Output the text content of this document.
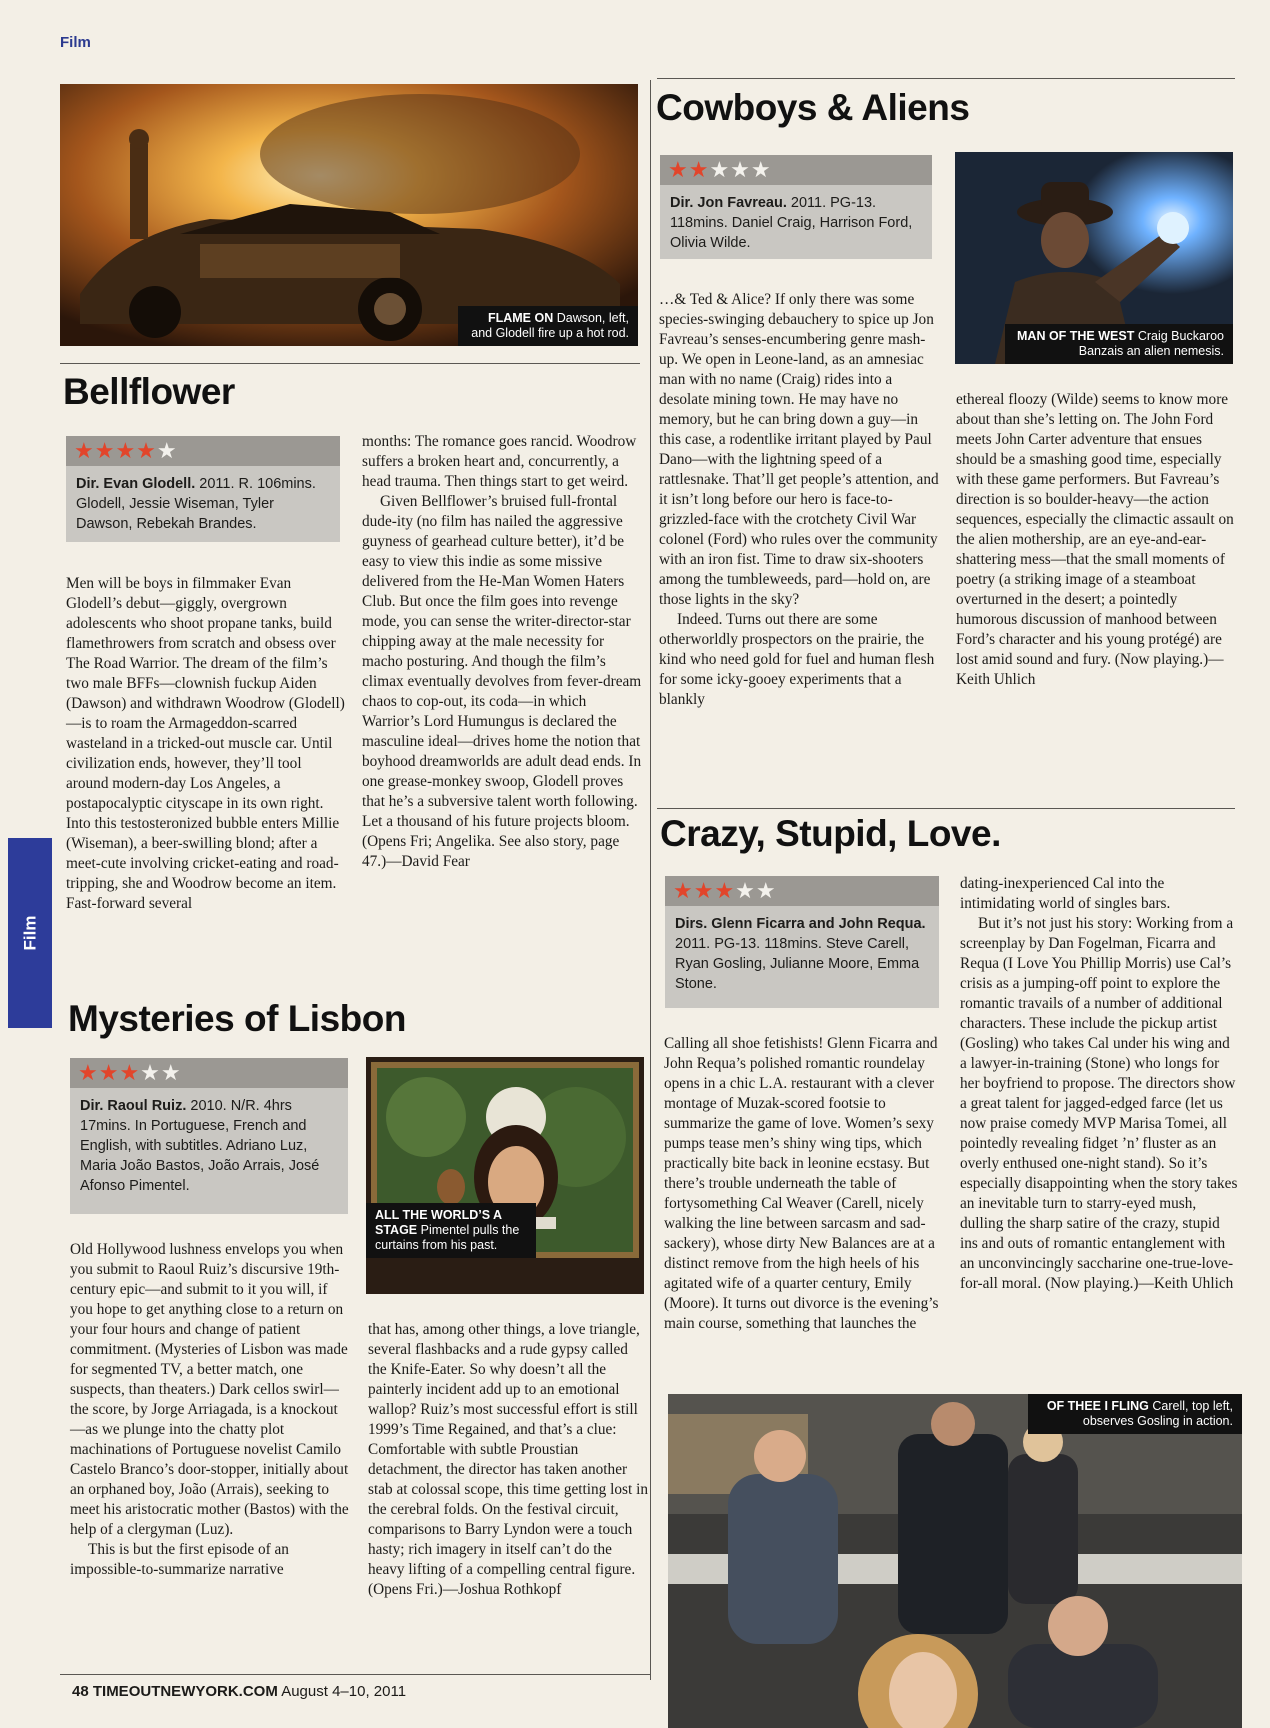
Film
Film
FLAME ON Dawson, left, and Glodell fire up a hot rod.
Bellflower
★★★★★
Dir. Evan Glodell. 2011. R. 106mins. Glodell, Jessie Wiseman, Tyler Dawson, Rebekah Brandes.

Men will be boys in filmmaker Evan Glodell’s debut—giggly, overgrown adolescents who shoot propane tanks, build flamethrowers from scratch and obsess over The Road Warrior. The dream of the film’s two male BFFs—clownish fuckup Aiden (Dawson) and withdrawn Woodrow (Glodell)—is to roam the Armageddon-scarred wasteland in a tricked-out muscle car. Until civilization ends, however, they’ll tool around modern-day Los Angeles, a postapocalyptic cityscape in its own right. Into this testosteronized bubble enters Millie (Wiseman), a beer-swilling blond; after a meet-cute involving cricket-eating and road-tripping, she and Woodrow become an item. Fast-forward several

months: The romance goes rancid. Woodrow suffers a broken heart and, concurrently, a head trauma. Then things start to get weird.

Given Bellflower’s bruised full-frontal dude-ity (no film has nailed the aggressive guyness of gearhead culture better), it’d be easy to view this indie as some missive delivered from the He-Man Women Haters Club. But once the film goes into revenge mode, you can sense the writer-director-star chipping away at the male necessity for macho posturing. And though the film’s climax eventually devolves from fever-dream chaos to cop-out, its coda—in which Warrior’s Lord Humungus is declared the masculine ideal—drives home the notion that boyhood dreamworlds are adult dead ends. In one grease-monkey swoop, Glodell proves that he’s a subversive talent worth following. Let a thousand of his future projects bloom. (Opens Fri; Angelika. See also story, page 47.)—David Fear

Mysteries of Lisbon
★★★★★
Dir. Raoul Ruiz. 2010. N/R. 4hrs 17mins. In Portuguese, French and English, with subtitles. Adriano Luz, Maria João Bastos, João Arrais, José Afonso Pimentel.
ALL THE WORLD’S A STAGE Pimentel pulls the curtains from his past.

Old Hollywood lushness envelops you when you submit to Raoul Ruiz’s discursive 19th-century epic—and submit to it you will, if you hope to get anything close to a return on your four hours and change of patient commitment. (Mysteries of Lisbon was made for segmented TV, a better match, one suspects, than theaters.) Dark cellos swirl—the score, by Jorge Arriagada, is a knockout—as we plunge into the chatty plot machinations of Portuguese novelist Camilo Castelo Branco’s door-stopper, initially about an orphaned boy, João (Arrais), seeking to meet his aristocratic mother (Bastos) with the help of a clergyman (Luz).

This is but the first episode of an impossible-to-summarize narrative

that has, among other things, a love triangle, several flashbacks and a rude gypsy called the Knife-Eater. So why doesn’t all the painterly incident add up to an emotional wallop? Ruiz’s most successful effort is still 1999’s Time Regained, and that’s a clue: Comfortable with subtle Proustian detachment, the director has taken another stab at colossal scope, this time getting lost in the cerebral folds. On the festival circuit, comparisons to Barry Lyndon were a touch hasty; rich imagery in itself can’t do the heavy lifting of a compelling central figure. (Opens Fri.)—Joshua Rothkopf

Cowboys & Aliens
★★★★★
Dir. Jon Favreau. 2011. PG-13. 118mins. Daniel Craig, Harrison Ford, Olivia Wilde.
MAN OF THE WEST Craig Buckaroo Banzais an alien nemesis.

…& Ted & Alice? If only there was some species-swinging debauchery to spice up Jon Favreau’s senses-encumbering genre mash-up. We open in Leone-land, as an amnesiac man with no name (Craig) rides into a desolate mining town. He may have no memory, but he can bring down a guy—in this case, a rodentlike irritant played by Paul Dano—with the lightning speed of a rattlesnake. That’ll get people’s attention, and it isn’t long before our hero is face-to-grizzled-face with the crotchety Civil War colonel (Ford) who rules over the community with an iron fist. Time to draw six-shooters among the tumbleweeds, pard—hold on, are those lights in the sky?

Indeed. Turns out there are some otherworldly prospectors on the prairie, the kind who need gold for fuel and human flesh for some icky-gooey experiments that a blankly

ethereal floozy (Wilde) seems to know more about than she’s letting on. The John Ford meets John Carter adventure that ensues should be a smashing good time, especially with these game performers. But Favreau’s direction is so boulder-heavy—the action sequences, especially the climactic assault on the alien mothership, are an eye-and-ear-shattering mess—that the small moments of poetry (a striking image of a steamboat overturned in the desert; a pointedly humorous discussion of manhood between Ford’s character and his young protégé) are lost amid sound and fury. (Now playing.)—Keith Uhlich

Crazy, Stupid, Love.
★★★★★
Dirs. Glenn Ficarra and John Requa. 2011. PG-13. 118mins. Steve Carell, Ryan Gosling, Julianne Moore, Emma Stone.

Calling all shoe fetishists! Glenn Ficarra and John Requa’s polished romantic roundelay opens in a chic L.A. restaurant with a clever montage of Muzak-scored footsie to summarize the game of love. Women’s sexy pumps tease men’s shiny wing tips, which practically bite back in leonine ecstasy. But there’s trouble underneath the table of fortysomething Cal Weaver (Carell, nicely walking the line between sarcasm and sad-sackery), whose dirty New Balances are at a distinct remove from the high heels of his agitated wife of a quarter century, Emily (Moore). It turns out divorce is the evening’s main course, something that launches the

dating-inexperienced Cal into the intimidating world of singles bars.

But it’s not just his story: Working from a screenplay by Dan Fogelman, Ficarra and Requa (I Love You Phillip Morris) use Cal’s crisis as a jumping-off point to explore the romantic travails of a number of additional characters. These include the pickup artist (Gosling) who takes Cal under his wing and a lawyer-in-training (Stone) who longs for her boyfriend to propose. The directors show a great talent for jagged-edged farce (let us now praise comedy MVP Marisa Tomei, all pointedly revealing fidget ’n’ fluster as an overly enthused one-night stand). So it’s especially disappointing when the story takes an inevitable turn to starry-eyed mush, dulling the sharp satire of the crazy, stupid ins and outs of romantic entanglement with an unconvincingly saccharine one-true-love-for-all moral. (Now playing.)—Keith Uhlich

OF THEE I FLING Carell, top left, observes Gosling in action.
48 TIMEOUTNEWYORK.COM August 4–10, 2011
